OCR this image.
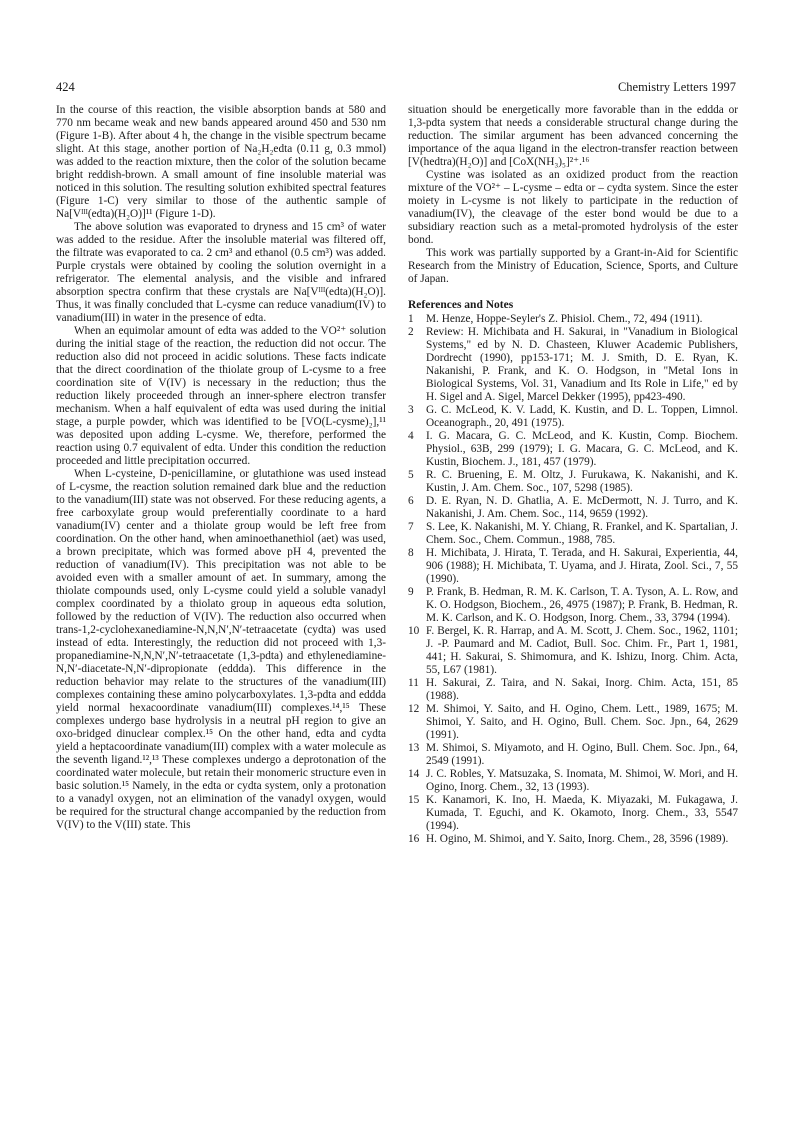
424	Chemistry Letters 1997

In the course of this reaction, the visible absorption bands at 580 and 770 nm became weak and new bands appeared around 450 and 530 nm (Figure 1-B). After about 4 h, the change in the visible spectrum became slight. At this stage, another portion of Na₂H₂edta (0.11 g, 0.3 mmol) was added to the reaction mixture, then the color of the solution became bright reddish-brown. A small amount of fine insoluble material was noticed in this solution. The resulting solution exhibited spectral features (Figure 1-C) very similar to those of the authentic sample of Na[Vᴵᴵᴵ(edta)(H₂O)]¹¹ (Figure 1-D).

The above solution was evaporated to dryness and 15 cm³ of water was added to the residue. After the insoluble material was filtered off, the filtrate was evaporated to ca. 2 cm³ and ethanol (0.5 cm³) was added. Purple crystals were obtained by cooling the solution overnight in a refrigerator. The elemental analysis, and the visible and infrared absorption spectra confirm that these crystals are Na[Vᴵᴵᴵ(edta)(H₂O)]. Thus, it was finally concluded that L-cysme can reduce vanadium(IV) to vanadium(III) in water in the presence of edta.

When an equimolar amount of edta was added to the VO²⁺ solution during the initial stage of the reaction, the reduction did not occur. The reduction also did not proceed in acidic solutions. These facts indicate that the direct coordination of the thiolate group of L-cysme to a free coordination site of V(IV) is necessary in the reduction; thus the reduction likely proceeded through an inner-sphere electron transfer mechanism. When a half equivalent of edta was used during the initial stage, a purple powder, which was identified to be [VO(L-cysme)₂],¹¹ was deposited upon adding L-cysme. We, therefore, performed the reaction using 0.7 equivalent of edta. Under this condition the reduction proceeded and little precipitation occurred.

When L-cysteine, D-penicillamine, or glutathione was used instead of L-cysme, the reaction solution remained dark blue and the reduction to the vanadium(III) state was not observed. For these reducing agents, a free carboxylate group would preferentially coordinate to a hard vanadium(IV) center and a thiolate group would be left free from coordination. On the other hand, when aminoethanethiol (aet) was used, a brown precipitate, which was formed above pH 4, prevented the reduction of vanadium(IV). This precipitation was not able to be avoided even with a smaller amount of aet. In summary, among the thiolate compounds used, only L-cysme could yield a soluble vanadyl complex coordinated by a thiolato group in aqueous edta solution, followed by the reduction of V(IV). The reduction also occurred when trans-1,2-cyclohexanediamine-N,N,N′,N′-tetraacetate (cydta) was used instead of edta. Interestingly, the reduction did not proceed with 1,3-propanediamine-N,N,N′,N′-tetraacetate (1,3-pdta) and ethylenediamine-N,N′-diacetate-N,N′-dipropionate (eddda). This difference in the reduction behavior may relate to the structures of the vanadium(III) complexes containing these amino polycarboxylates. 1,3-pdta and eddda yield normal hexacoordinate vanadium(III) complexes.¹⁴,¹⁵ These complexes undergo base hydrolysis in a neutral pH region to give an oxo-bridged dinuclear complex.¹⁵ On the other hand, edta and cydta yield a heptacoordinate vanadium(III) complex with a water molecule as the seventh ligand.¹²,¹³ These complexes undergo a deprotonation of the coordinated water molecule, but retain their monomeric structure even in basic solution.¹⁵ Namely, in the edta or cydta system, only a protonation to a vanadyl oxygen, not an elimination of the vanadyl oxygen, would be required for the structural change accompanied by the reduction from V(IV) to the V(III) state. This

situation should be energetically more favorable than in the eddda or 1,3-pdta system that needs a considerable structural change during the reduction. The similar argument has been advanced concerning the importance of the aqua ligand in the electron-transfer reaction between [V(hedtra)(H₂O)] and [CoX(NH₃)₅]²⁺.¹⁶

Cystine was isolated as an oxidized product from the reaction mixture of the VO²⁺ – L-cysme – edta or – cydta system. Since the ester moiety in L-cysme is not likely to participate in the reduction of vanadium(IV), the cleavage of the ester bond would be due to a subsidiary reaction such as a metal-promoted hydrolysis of the ester bond.

This work was partially supported by a Grant-in-Aid for Scientific Research from the Ministry of Education, Science, Sports, and Culture of Japan.

References and Notes

1	M. Henze, Hoppe-Seyler's Z. Phisiol. Chem., 72, 494 (1911).
2	Review: H. Michibata and H. Sakurai, in "Vanadium in Biological Systems," ed by N. D. Chasteen, Kluwer Academic Publishers, Dordrecht (1990), pp153-171; M. J. Smith, D. E. Ryan, K. Nakanishi, P. Frank, and K. O. Hodgson, in "Metal Ions in Biological Systems, Vol. 31, Vanadium and Its Role in Life," ed by H. Sigel and A. Sigel, Marcel Dekker (1995), pp423-490.
3	G. C. McLeod, K. V. Ladd, K. Kustin, and D. L. Toppen, Limnol. Oceanograph., 20, 491 (1975).
4	I. G. Macara, G. C. McLeod, and K. Kustin, Comp. Biochem. Physiol., 63B, 299 (1979); I. G. Macara, G. C. McLeod, and K. Kustin, Biochem. J., 181, 457 (1979).
5	R. C. Bruening, E. M. Oltz, J. Furukawa, K. Nakanishi, and K. Kustin, J. Am. Chem. Soc., 107, 5298 (1985).
6	D. E. Ryan, N. D. Ghatlia, A. E. McDermott, N. J. Turro, and K. Nakanishi, J. Am. Chem. Soc., 114, 9659 (1992).
7	S. Lee, K. Nakanishi, M. Y. Chiang, R. Frankel, and K. Spartalian, J. Chem. Soc., Chem. Commun., 1988, 785.
8	H. Michibata, J. Hirata, T. Terada, and H. Sakurai, Experientia, 44, 906 (1988); H. Michibata, T. Uyama, and J. Hirata, Zool. Sci., 7, 55 (1990).
9	P. Frank, B. Hedman, R. M. K. Carlson, T. A. Tyson, A. L. Row, and K. O. Hodgson, Biochem., 26, 4975 (1987); P. Frank, B. Hedman, R. M. K. Carlson, and K. O. Hodgson, Inorg. Chem., 33, 3794 (1994).
10 F. Bergel, K. R. Harrap, and A. M. Scott, J. Chem. Soc., 1962, 1101; J. -P. Paumard and M. Cadiot, Bull. Soc. Chim. Fr., Part 1, 1981, 441; H. Sakurai, S. Shimomura, and K. Ishizu, Inorg. Chim. Acta, 55, L67 (1981).
11 H. Sakurai, Z. Taira, and N. Sakai, Inorg. Chim. Acta, 151, 85 (1988).
12 M. Shimoi, Y. Saito, and H. Ogino, Chem. Lett., 1989, 1675; M. Shimoi, Y. Saito, and H. Ogino, Bull. Chem. Soc. Jpn., 64, 2629 (1991).
13 M. Shimoi, S. Miyamoto, and H. Ogino, Bull. Chem. Soc. Jpn., 64, 2549 (1991).
14 J. C. Robles, Y. Matsuzaka, S. Inomata, M. Shimoi, W. Mori, and H. Ogino, Inorg. Chem., 32, 13 (1993).
15 K. Kanamori, K. Ino, H. Maeda, K. Miyazaki, M. Fukagawa, J. Kumada, T. Eguchi, and K. Okamoto, Inorg. Chem., 33, 5547 (1994).
16 H. Ogino, M. Shimoi, and Y. Saito, Inorg. Chem., 28, 3596 (1989).
